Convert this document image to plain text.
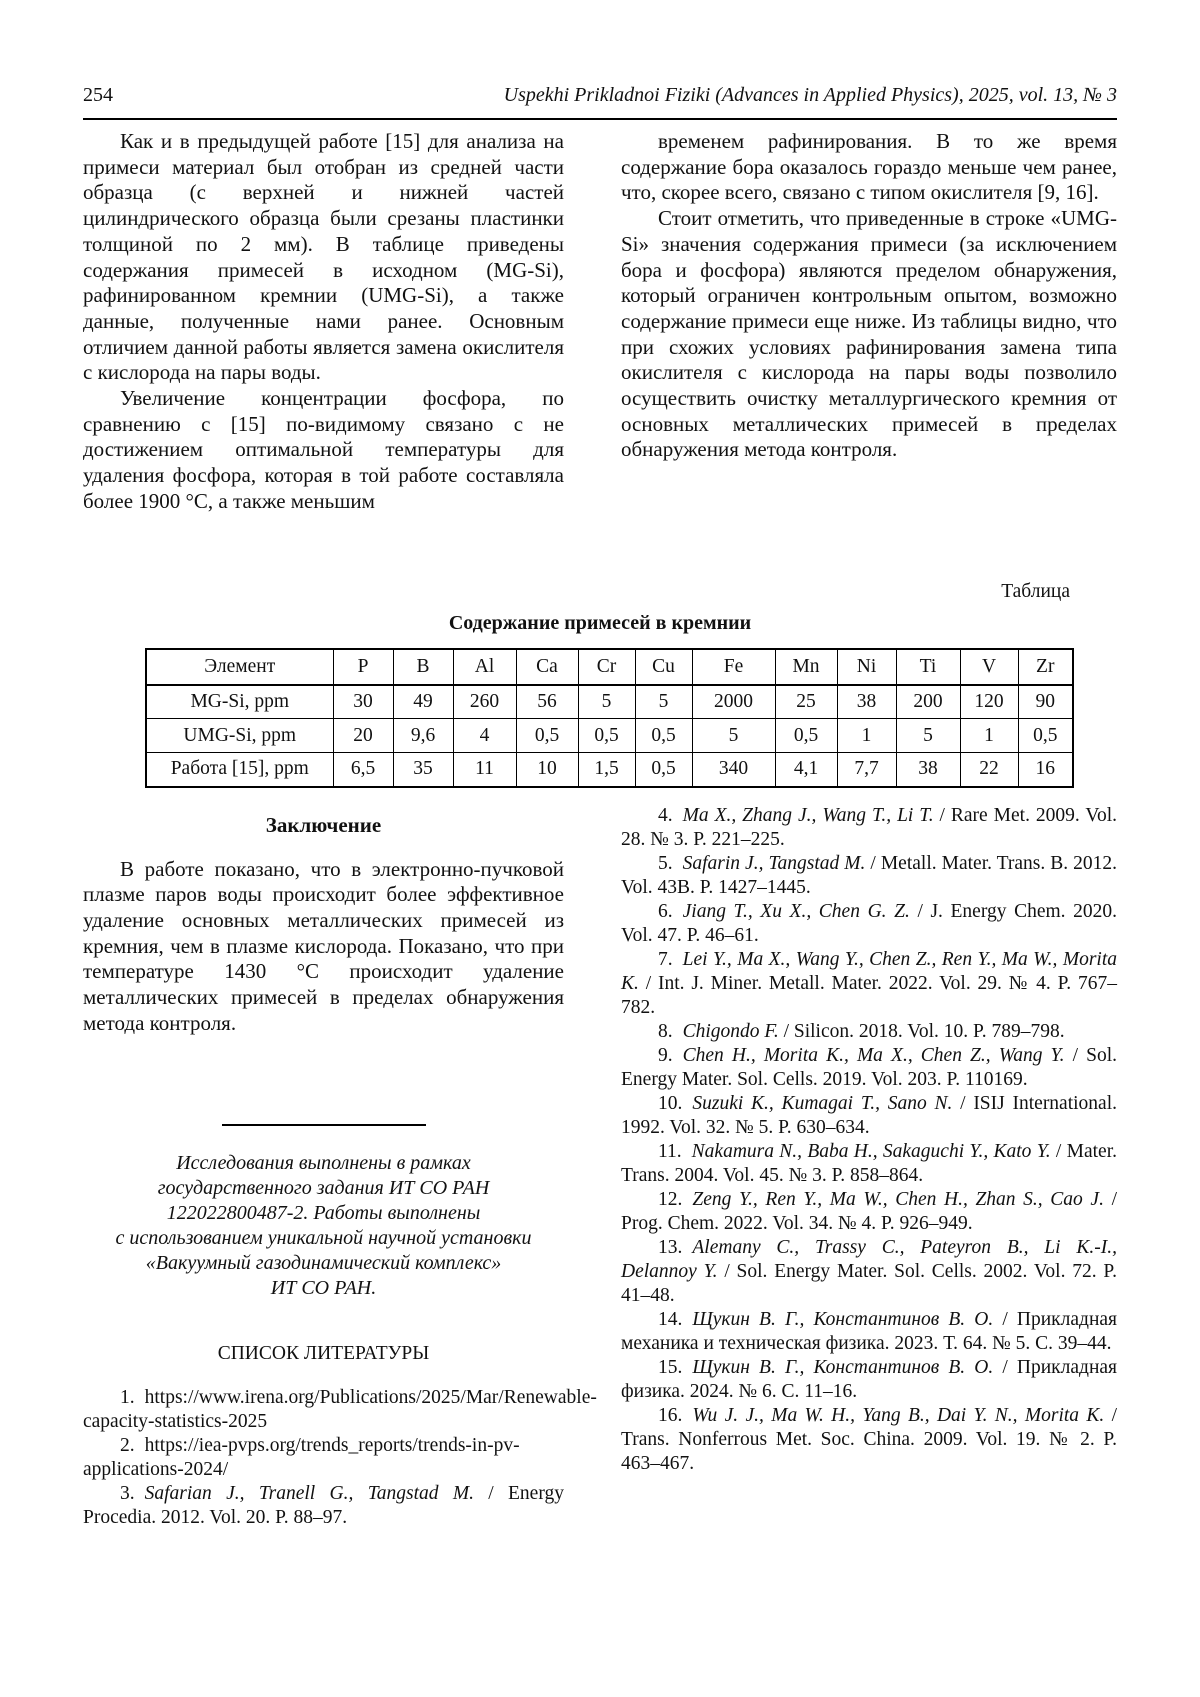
254	Uspekhi Prikladnoi Fiziki (Advances in Applied Physics), 2025, vol. 13, № 3

Как и в предыдущей работе [15] для анализа на примеси материал был отобран из средней части образца (с верхней и нижней частей цилиндрического образца были срезаны пластинки толщиной по 2 мм). В таблице приведены содержания примесей в исходном (MG-Si), рафинированном кремнии (UMG-Si), а также данные, полученные нами ранее. Основным отличием данной работы является замена окислителя с кислорода на пары воды.

Увеличение концентрации фосфора, по сравнению с [15] по-видимому связано с не достижением оптимальной температуры для удаления фосфора, которая в той работе составляла более 1900 °C, а также меньшим

временем рафинирования. В то же время содержание бора оказалось гораздо меньше чем ранее, что, скорее всего, связано с типом окислителя [9, 16].

Стоит отметить, что приведенные в строке «UMG-Si» значения содержания примеси (за исключением бора и фосфора) являются пределом обнаружения, который ограничен контрольным опытом, возможно содержание примеси еще ниже. Из таблицы видно, что при схожих условиях рафинирования замена типа окислителя с кислорода на пары воды позволило осуществить очистку металлургического кремния от основных металлических примесей в пределах обнаружения метода контроля.

Таблица
Содержание примесей в кремнии
Элемент	P	B	Al	Ca	Cr	Cu	Fe	Mn	Ni	Ti	V	Zr
MG-Si, ppm	30	49	260	56	5	5	2000	25	38	200	120	90
UMG-Si, ppm	20	9,6	4	0,5	0,5	0,5	5	0,5	1	5	1	0,5
Работа [15], ppm	6,5	35	11	10	1,5	0,5	340	4,1	7,7	38	22	16
Заключение

В работе показано, что в электронно-пучковой плазме паров воды происходит более эффективное удаление основных металлических примесей из кремния, чем в плазме кислорода. Показано, что при температуре 1430 °C происходит удаление металлических примесей в пределах обнаружения метода контроля.

Исследования выполнены в рамках
государственного задания ИТ СО РАН
122022800487-2. Работы выполнены
с использованием уникальной научной установки
«Вакуумный газодинамический комплекс»
ИТ СО РАН.
СПИСОК ЛИТЕРАТУРЫ
1. https://www.irena.org/Publications/2025/Mar/Renewable-capacity-statistics-2025
2. https://iea-pvps.org/trends_reports/trends-in-pv-applications-2024/
3. Safarian J., Tranell G., Tangstad M. / Energy Procedia. 2012. Vol. 20. P. 88–97.
4. Ma X., Zhang J., Wang T., Li T. / Rare Met. 2009. Vol. 28. № 3. P. 221–225.
5. Safarin J., Tangstad M. / Metall. Mater. Trans. B. 2012. Vol. 43B. P. 1427–1445.
6. Jiang T., Xu X., Chen G. Z. / J. Energy Chem. 2020. Vol. 47. P. 46–61.
7. Lei Y., Ma X., Wang Y., Chen Z., Ren Y., Ma W., Morita K. / Int. J. Miner. Metall. Mater. 2022. Vol. 29. № 4. P. 767–782.
8. Chigondo F. / Silicon. 2018. Vol. 10. P. 789–798.
9. Chen H., Morita K., Ma X., Chen Z., Wang Y. / Sol. Energy Mater. Sol. Cells. 2019. Vol. 203. P. 110169.
10. Suzuki K., Kumagai T., Sano N. / ISIJ International. 1992. Vol. 32. № 5. P. 630–634.
11. Nakamura N., Baba H., Sakaguchi Y., Kato Y. / Mater. Trans. 2004. Vol. 45. № 3. P. 858–864.
12. Zeng Y., Ren Y., Ma W., Chen H., Zhan S., Cao J. / Prog. Chem. 2022. Vol. 34. № 4. P. 926–949.
13. Alemany C., Trassy C., Pateyron B., Li K.-I., Delannoy Y. / Sol. Energy Mater. Sol. Cells. 2002. Vol. 72. P. 41–48.
14. Щукин В. Г., Константинов В. О. / Прикладная механика и техническая физика. 2023. Т. 64. № 5. С. 39–44.
15. Щукин В. Г., Константинов В. О. / Прикладная физика. 2024. № 6. С. 11–16.
16. Wu J. J., Ma W. H., Yang B., Dai Y. N., Morita K. / Trans. Nonferrous Met. Soc. China. 2009. Vol. 19. № 2. P. 463–467.
